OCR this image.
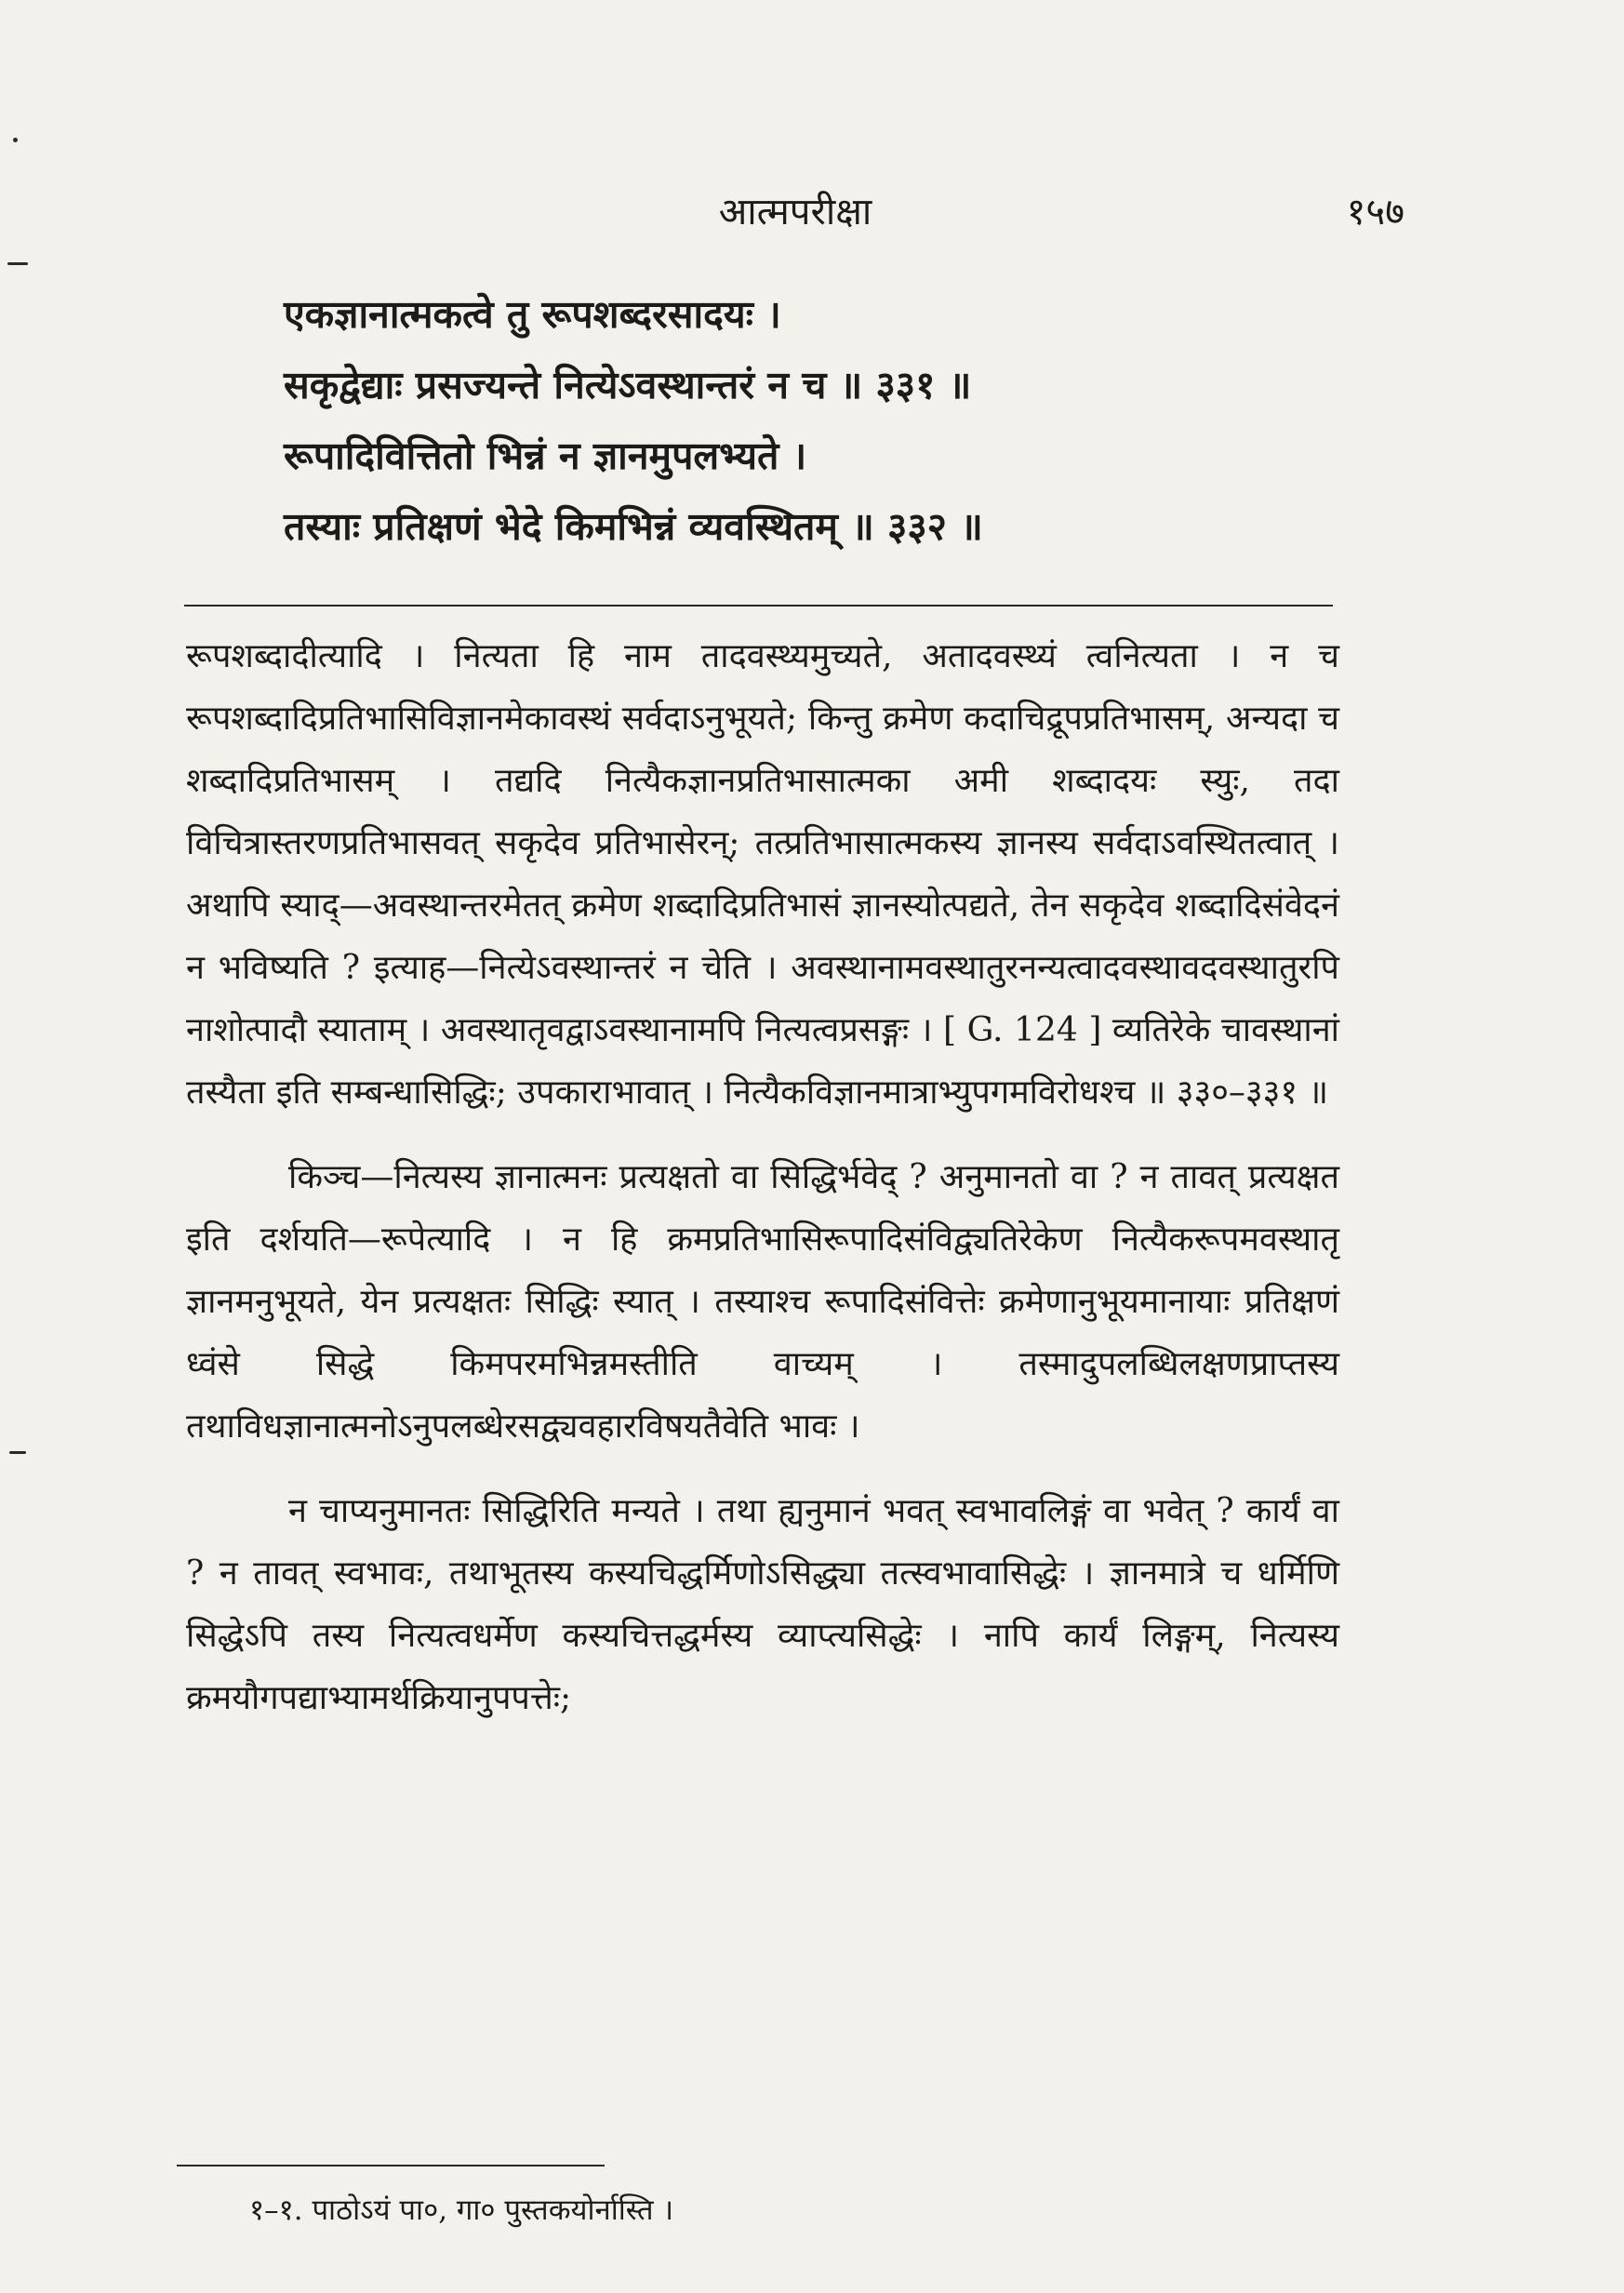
आत्मपरीक्षा	१५७
एकज्ञानात्मकत्वे तु रूपशब्दरसादयः ।
सकृद्वेद्याः प्रसज्यन्ते नित्येऽवस्थान्तरं न च ॥ ३३१ ॥
रूपादिवित्तितो भिन्नं न ज्ञानमुपलभ्यते ।
तस्याः प्रतिक्षणं भेदे किमभिन्नं व्यवस्थितम् ॥ ३३२ ॥

रूपशब्दादीत्यादि । नित्यता हि नाम तादवस्थ्यमुच्यते, अतादवस्थ्यं त्वनित्यता । न च रूपशब्दादिप्रतिभासिविज्ञानमेकावस्थं सर्वदाऽनुभूयते; किन्तु क्रमेण कदाचिद्रूपप्रतिभासम्, अन्यदा च शब्दादिप्रतिभासम् । तद्यदि नित्यैकज्ञानप्रतिभासात्मका अमी शब्दादयः स्युः, तदा विचित्रास्तरणप्रतिभासवत् सकृदेव प्रतिभासेरन्; तत्प्रतिभासात्मकस्य ज्ञानस्य सर्वदाऽवस्थितत्वात् । अथापि स्याद्—अवस्थान्तरमेतत् क्रमेण शब्दादिप्रतिभासं ज्ञानस्योत्पद्यते, तेन सकृदेव शब्दादिसंवेदनं न भविष्यति ? इत्याह—नित्येऽवस्थान्तरं न चेति । अवस्थानामवस्थातुरनन्यत्वादवस्थावदवस्थातुरपि नाशोत्पादौ स्याताम् । अवस्थातृवद्वाऽवस्थानामपि नित्यत्वप्रसङ्गः । [ G. 124 ] व्यतिरेके चावस्थानां तस्यैता इति सम्बन्धासिद्धिः; उपकाराभावात् । नित्यैकविज्ञानमात्राभ्युपगमविरोधश्च ॥ ३३०–३३१ ॥

किञ्च—नित्यस्य ज्ञानात्मनः प्रत्यक्षतो वा सिद्धिर्भवेद् ? अनुमानतो वा ? न तावत् प्रत्यक्षत इति दर्शयति—रूपेत्यादि । न हि क्रमप्रतिभासिरूपादिसंविद्व्यतिरेकेण नित्यैकरूपमवस्थातृ ज्ञानमनुभूयते, येन प्रत्यक्षतः सिद्धिः स्यात् । तस्याश्च रूपादिसंवित्तेः क्रमेणानुभूयमानायाः प्रतिक्षणं ध्वंसे सिद्धे किमपरमभिन्नमस्तीति वाच्यम् । तस्मादुपलब्धिलक्षणप्राप्तस्य तथाविधज्ञानात्मनोऽनुपलब्धेरसद्व्यवहारविषयतैवेति भावः ।

न चाप्यनुमानतः सिद्धिरिति मन्यते । तथा ह्यनुमानं भवत् स्वभावलिङ्गं वा भवेत् ? कार्यं वा ? न तावत् स्वभावः, तथाभूतस्य कस्यचिद्धर्मिणोऽसिद्ध्या तत्स्वभावासिद्धेः । ज्ञानमात्रे च धर्मिणि सिद्धेऽपि तस्य नित्यत्वधर्मेण कस्यचित्तद्धर्मस्य व्याप्त्यसिद्धेः । नापि कार्यं लिङ्गम्, नित्यस्य क्रमयौगपद्याभ्यामर्थक्रियानुपपत्तेः;

१–१. पाठोऽयं पा०, गा० पुस्तकयोर्नास्ति ।
